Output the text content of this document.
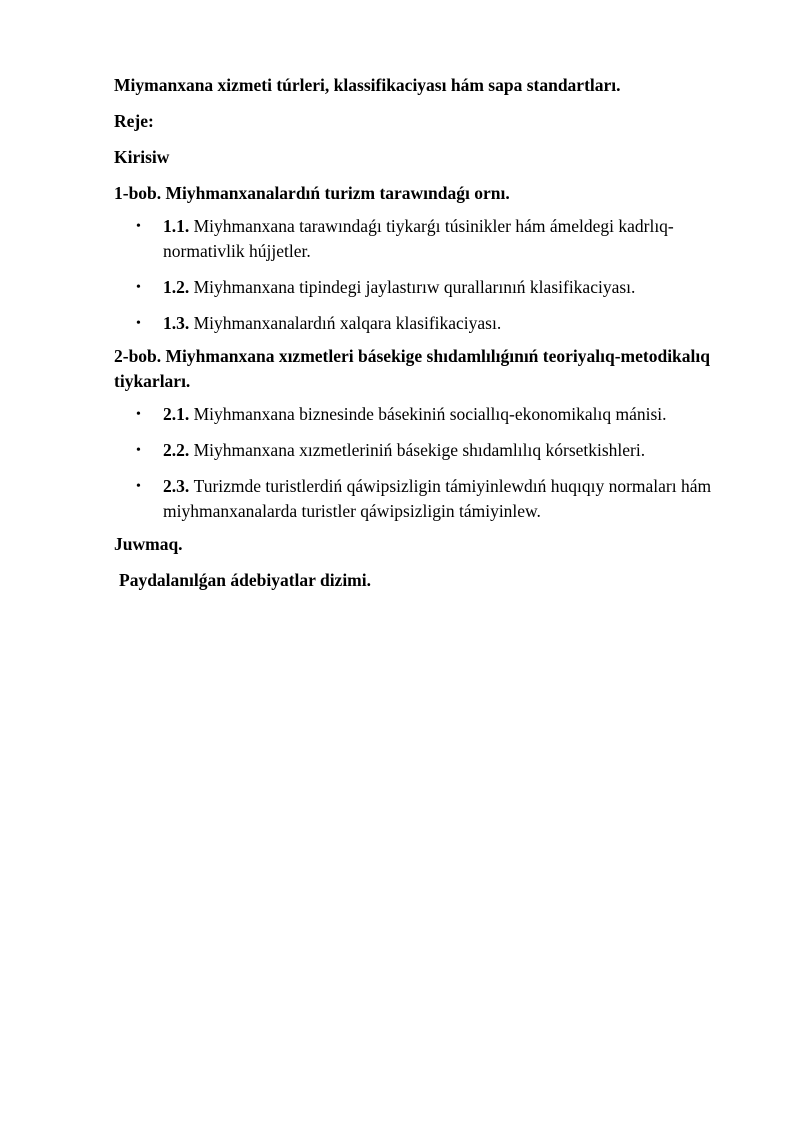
Miymanxana xizmeti túrleri, klassifikaciyası hám sapa standartları.

Reje:

Kirisiw

1-bob. Miyhmanxanalardıń turizm tarawındaǵı ornı.

• 1.1. Miyhmanxana tarawındaǵı tiykarǵı túsinikler hám ámeldegi kadrlıq-normativlik hújjetler.
• 1.2. Miyhmanxana tipindegi jaylastırıw qurallarınıń klasifikaciyası.
• 1.3. Miyhmanxanalardıń xalqara klasifikaciyası.

2-bob. Miyhmanxana xızmetleri básekige shıdamlılıǵınıń teoriyalıq-metodikalıq tiykarları.

• 2.1. Miyhmanxana biznesinde básekiniń sociallıq-ekonomikalıq mánisi.
• 2.2. Miyhmanxana xızmetleriniń básekige shıdamlılıq kórsetkishleri.
• 2.3. Turizmde turistlerdiń qáwipsizligin támiyinlewdıń huqıqıy normaları hám miyhmanxanalarda turistler qáwipsizligin támiyinlew.

Juwmaq.

Paydalanılǵan ádebiyatlar dizimi.
